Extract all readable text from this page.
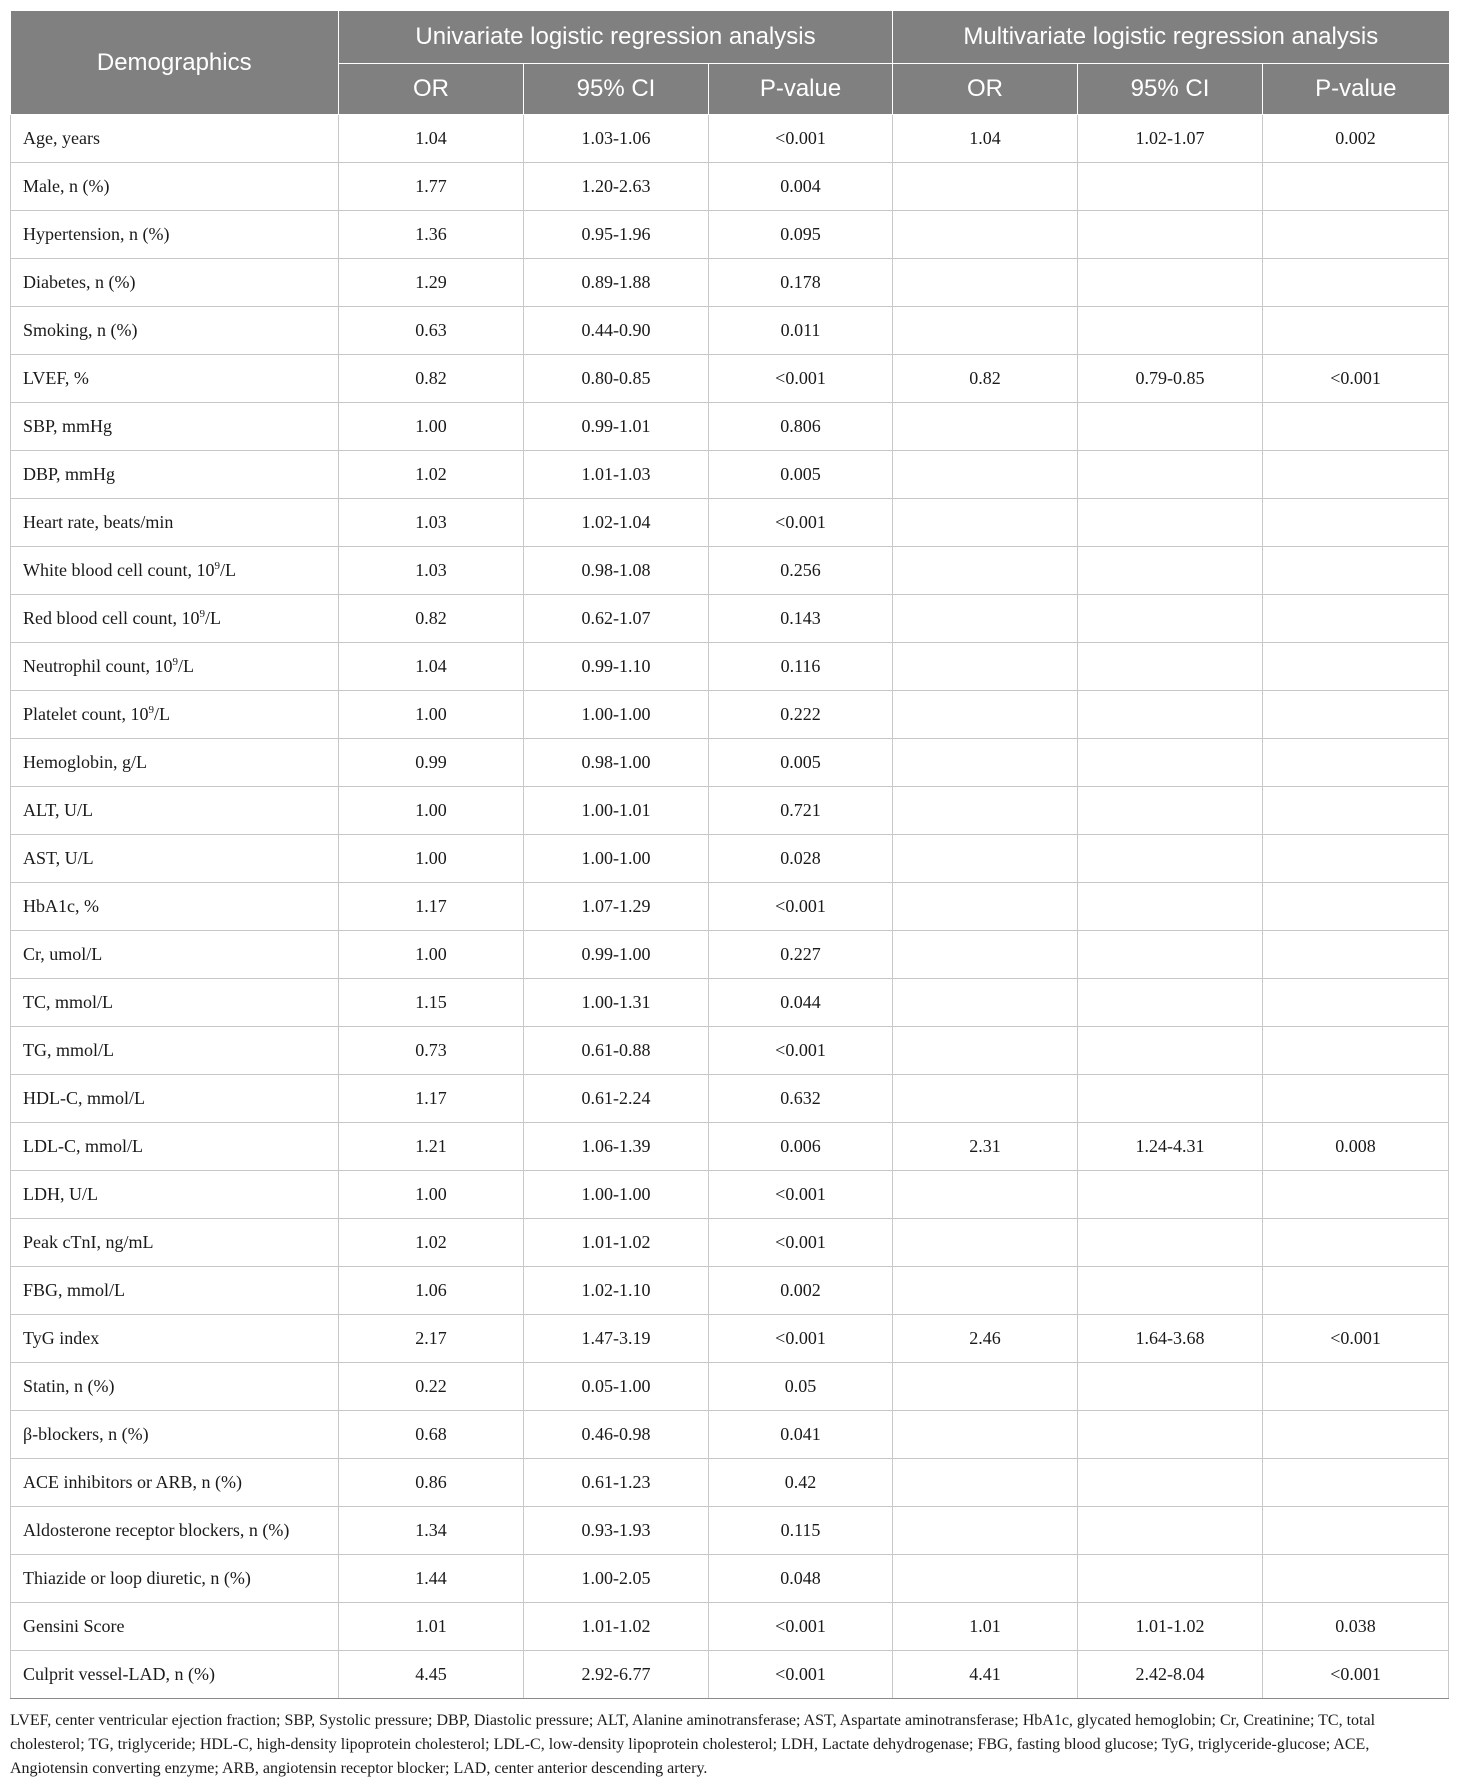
Demographics	Univariate logistic regression analysis			Multivariate logistic regression analysis		
	OR	95% CI	P-value	OR	95% CI	P-value
Age, years	1.04	1.03-1.06	<0.001	1.04	1.02-1.07	0.002
Male, n (%)	1.77	1.20-2.63	0.004			
Hypertension, n (%)	1.36	0.95-1.96	0.095			
Diabetes, n (%)	1.29	0.89-1.88	0.178			
Smoking, n (%)	0.63	0.44-0.90	0.011			
LVEF, %	0.82	0.80-0.85	<0.001	0.82	0.79-0.85	<0.001
SBP, mmHg	1.00	0.99-1.01	0.806			
DBP, mmHg	1.02	1.01-1.03	0.005			
Heart rate, beats/min	1.03	1.02-1.04	<0.001			
White blood cell count, $10^9/L$	1.03	0.98-1.08	0.256			
Red blood cell count, $10^9/L$	0.82	0.62-1.07	0.143			
Neutrophil count, $10^9/L$	1.04	0.99-1.10	0.116			
Platelet count, $10^9/L$	1.00	1.00-1.00	0.222			
Hemoglobin, g/L	0.99	0.98-1.00	0.005			
ALT, U/L	1.00	1.00-1.01	0.721			
AST, U/L	1.00	1.00-1.00	0.028			
HbA1c, %	1.17	1.07-1.29	<0.001			
Cr, umol/L	1.00	0.99-1.00	0.227			
TC, mmol/L	1.15	1.00-1.31	0.044			
TG, mmol/L	0.73	0.61-0.88	<0.001			
HDL-C, mmol/L	1.17	0.61-2.24	0.632			
LDL-C, mmol/L	1.21	1.06-1.39	0.006	2.31	1.24-4.31	0.008
LDH, U/L	1.00	1.00-1.00	<0.001			
Peak cTnI, ng/mL	1.02	1.01-1.02	<0.001			
FBG, mmol/L	1.06	1.02-1.10	0.002			
TyG index	2.17	1.47-3.19	<0.001	2.46	1.64-3.68	<0.001
Statin, n (%)	0.22	0.05-1.00	0.05			
β-blockers, n (%)	0.68	0.46-0.98	0.041			
ACE inhibitors or ARB, n (%)	0.86	0.61-1.23	0.42			
Aldosterone receptor blockers, n (%)	1.34	0.93-1.93	0.115			
Thiazide or loop diuretic, n (%)	1.44	1.00-2.05	0.048			
Gensini Score	1.01	1.01-1.02	<0.001	1.01	1.01-1.02	0.038
Culprit vessel-LAD, n (%)	4.45	2.92-6.77	<0.001	4.41	2.42-8.04	<0.001
LVEF, center ventricular ejection fraction; SBP, Systolic pressure; DBP, Diastolic pressure; ALT, Alanine aminotransferase; AST, Aspartate aminotransferase; HbA1c, glycated hemoglobin; Cr, Creatinine; TC, total cholesterol; TG, triglyceride; HDL-C, high-density lipoprotein cholesterol; LDL-C, low-density lipoprotein cholesterol; LDH, Lactate dehydrogenase; FBG, fasting blood glucose; TyG, triglyceride-glucose; ACE, Angiotensin converting enzyme; ARB, angiotensin receptor blocker; LAD, center anterior descending artery.
